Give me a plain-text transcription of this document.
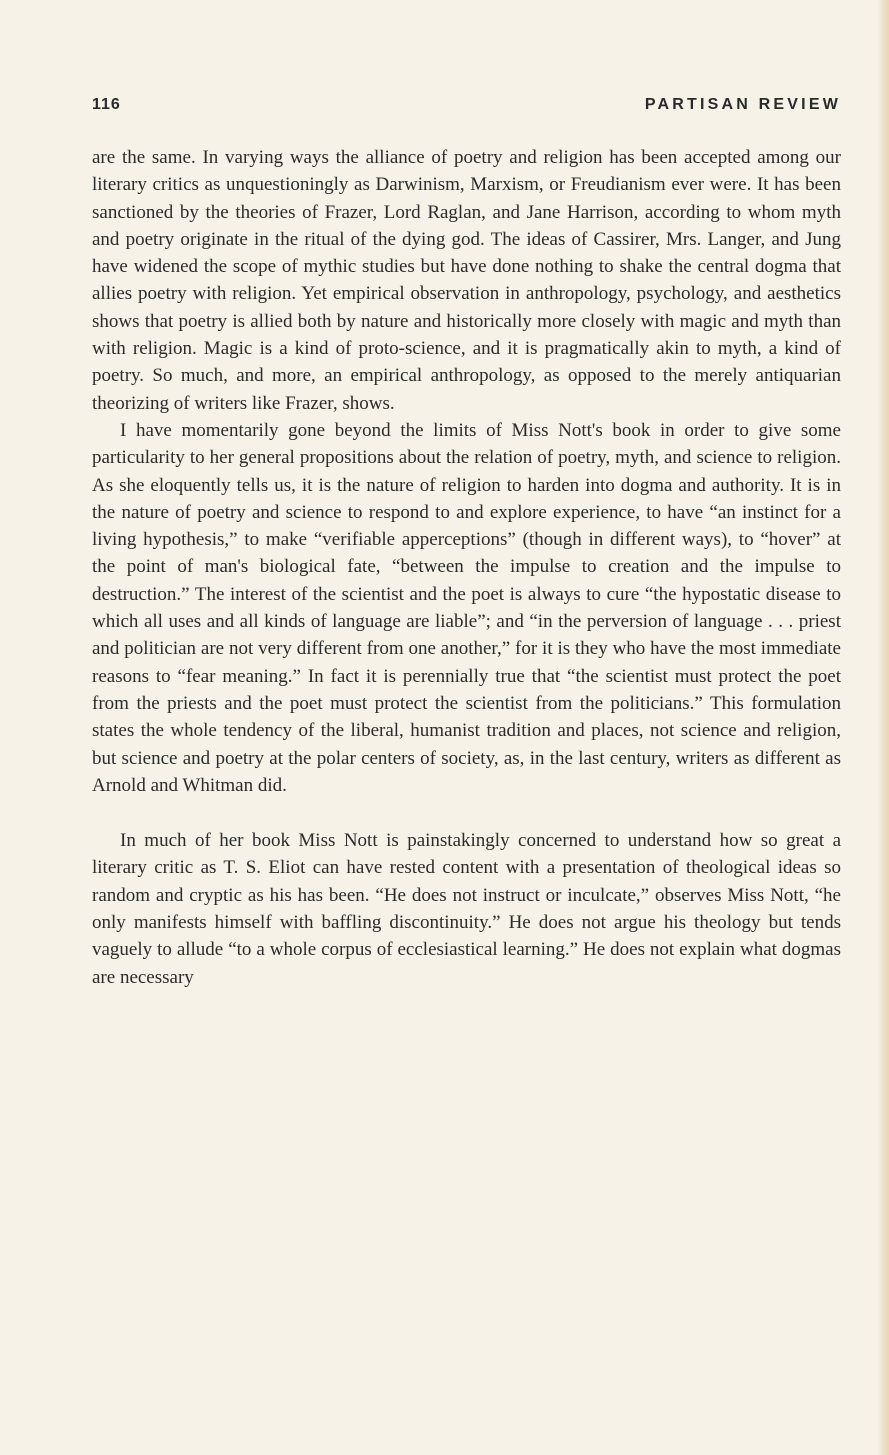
116	PARTISAN REVIEW

are the same. In varying ways the alliance of poetry and religion has been accepted among our literary critics as unquestioningly as Darwinism, Marxism, or Freudianism ever were. It has been sanctioned by the theories of Frazer, Lord Raglan, and Jane Harrison, according to whom myth and poetry originate in the ritual of the dying god. The ideas of Cassirer, Mrs. Langer, and Jung have widened the scope of mythic studies but have done nothing to shake the central dogma that allies poetry with religion. Yet empirical observation in anthropology, psychology, and aesthetics shows that poetry is allied both by nature and historically more closely with magic and myth than with religion. Magic is a kind of proto-science, and it is pragmatically akin to myth, a kind of poetry. So much, and more, an empirical anthropology, as opposed to the merely antiquarian theorizing of writers like Frazer, shows.

I have momentarily gone beyond the limits of Miss Nott's book in order to give some particularity to her general propositions about the relation of poetry, myth, and science to religion. As she eloquently tells us, it is the nature of religion to harden into dogma and authority. It is in the nature of poetry and science to respond to and explore experience, to have “an instinct for a living hypothesis,” to make “verifiable apperceptions” (though in different ways), to “hover” at the point of man's biological fate, “between the impulse to creation and the impulse to destruction.” The interest of the scientist and the poet is always to cure “the hypostatic disease to which all uses and all kinds of language are liable”; and “in the perversion of language . . . priest and politician are not very different from one another,” for it is they who have the most immediate reasons to “fear meaning.” In fact it is perennially true that “the scientist must protect the poet from the priests and the poet must protect the scientist from the politicians.” This formulation states the whole tendency of the liberal, humanist tradition and places, not science and religion, but science and poetry at the polar centers of society, as, in the last century, writers as different as Arnold and Whitman did.

In much of her book Miss Nott is painstakingly concerned to understand how so great a literary critic as T. S. Eliot can have rested content with a presentation of theological ideas so random and cryptic as his has been. “He does not instruct or inculcate,” observes Miss Nott, “he only manifests himself with baffling discontinuity.” He does not argue his theology but tends vaguely to allude “to a whole corpus of ecclesiastical learning.” He does not explain what dogmas are necessary
